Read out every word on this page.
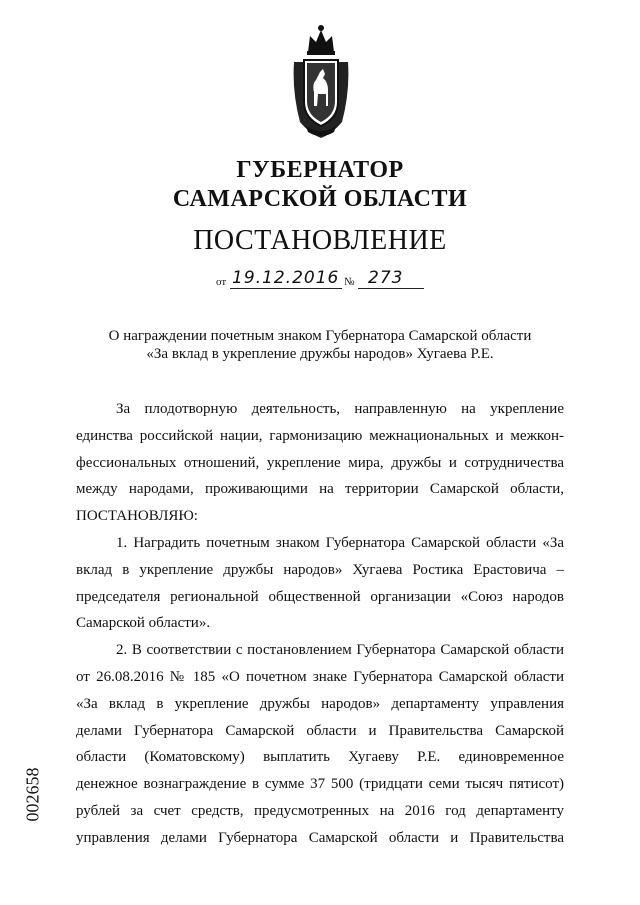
ГУБЕРНАТОР
САМАРСКОЙ ОБЛАСТИ
ПОСТАНОВЛЕНИЕ
от 19.12.2016 № 273
О награждении почетным знаком Губернатора Самарской области
«За вклад в укрепление дружбы народов» Хугаева Р.Е.
За плодотворную деятельность, направленную на укрепление
единства российской нации, гармонизацию межнациональных и межкон-
фессиональных отношений, укрепление мира, дружбы и сотрудничества
между народами, проживающими на территории Самарской области,
ПОСТАНОВЛЯЮ:
1. Наградить почетным знаком Губернатора Самарской области «За
вклад в укрепление дружбы народов» Хугаева Ростика Ерастовича –
председателя региональной общественной организации «Союз народов
Самарской области».
2. В соответствии с постановлением Губернатора Самарской области
от 26.08.2016 № 185 «О почетном знаке Губернатора Самарской области
«За вклад в укрепление дружбы народов» департаменту управления
делами Губернатора Самарской области и Правительства Самарской
области (Коматовскому) выплатить Хугаеву Р.Е. единовременное
денежное вознаграждение в сумме 37 500 (тридцати семи тысяч пятисот)
рублей за счет средств, предусмотренных на 2016 год департаменту
управления делами Губернатора Самарской области и Правительства
002658
